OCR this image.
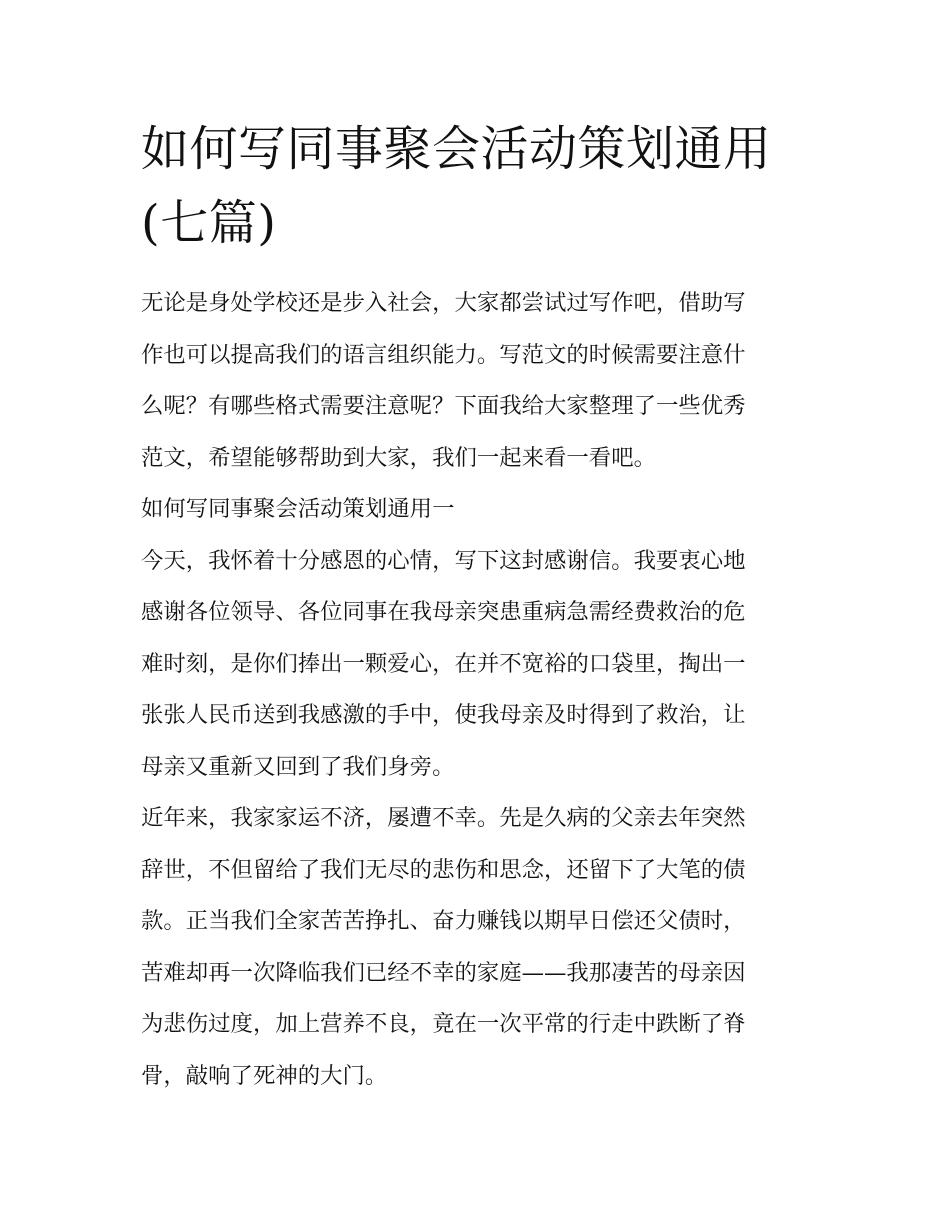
如何写同事聚会活动策划通用
(七篇)

无论是身处学校还是步入社会，大家都尝试过写作吧，借助写
作也可以提高我们的语言组织能力。写范文的时候需要注意什
么呢？有哪些格式需要注意呢？下面我给大家整理了一些优秀
范文，希望能够帮助到大家，我们一起来看一看吧。

如何写同事聚会活动策划通用一

今天，我怀着十分感恩的心情，写下这封感谢信。我要衷心地
感谢各位领导、各位同事在我母亲突患重病急需经费救治的危
难时刻，是你们捧出一颗爱心，在并不宽裕的口袋里，掏出一
张张人民币送到我感激的手中，使我母亲及时得到了救治，让
母亲又重新又回到了我们身旁。

近年来，我家家运不济，屡遭不幸。先是久病的父亲去年突然
辞世，不但留给了我们无尽的悲伤和思念，还留下了大笔的债
款。正当我们全家苦苦挣扎、奋力赚钱以期早日偿还父债时，
苦难却再一次降临我们已经不幸的家庭——我那凄苦的母亲因
为悲伤过度，加上营养不良，竟在一次平常的行走中跌断了脊
骨，敲响了死神的大门。
